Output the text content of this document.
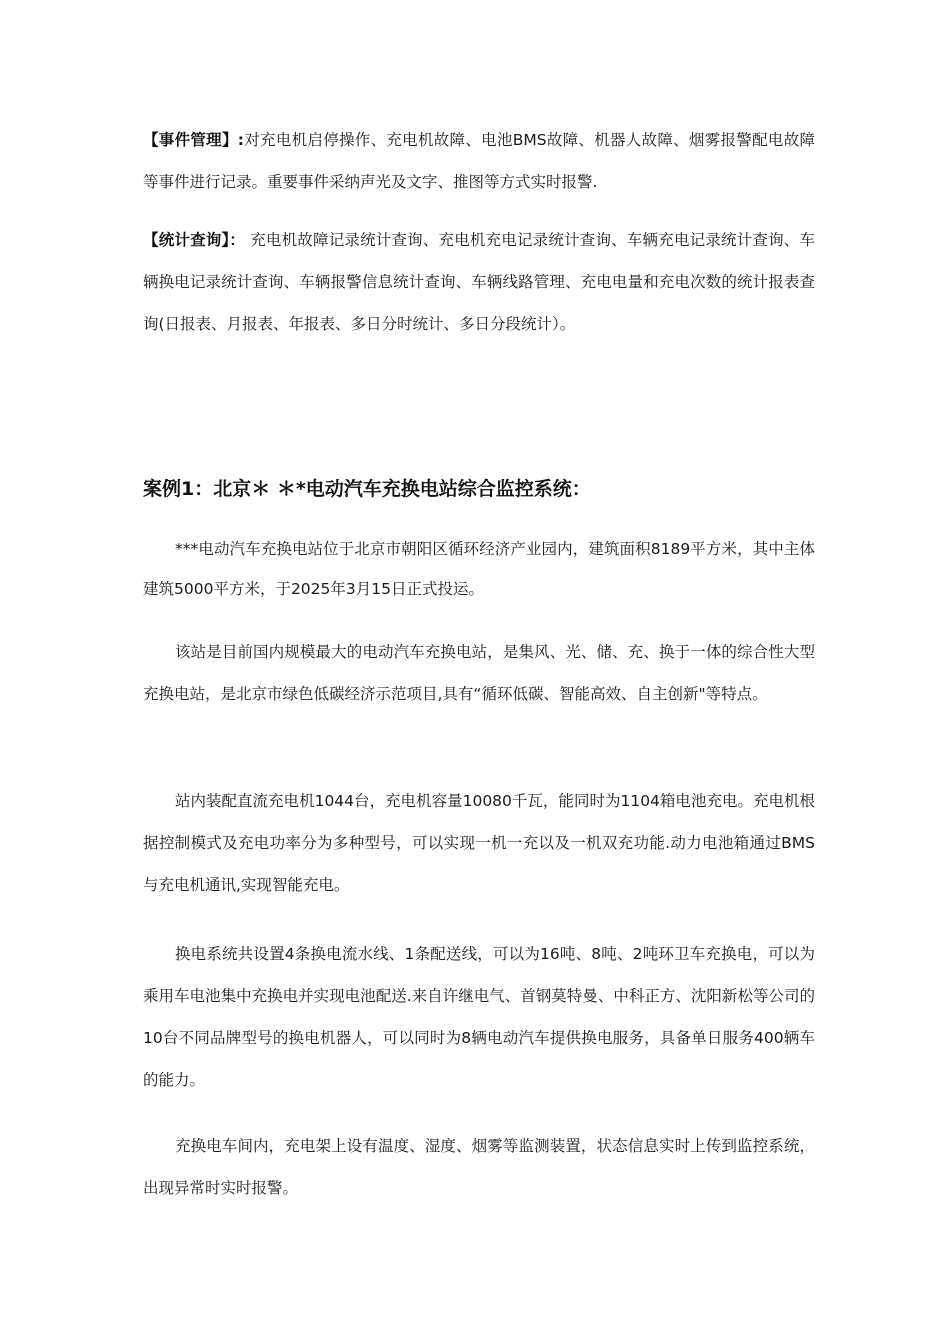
【事件管理】:对充电机启停操作、充电机故障、电池BMS故障、机器人故障、烟雾报警配电故障等事件进行记录。重要事件采纳声光及文字、推图等方式实时报警.

【统计查询】： 充电机故障记录统计查询、充电机充电记录统计查询、车辆充电记录统计查询、车辆换电记录统计查询、车辆报警信息统计查询、车辆线路管理、充电电量和充电次数的统计报表查询(日报表、月报表、年报表、多日分时统计、多日分段统计）。

案例1：北京＊ ＊*电动汽车充换电站综合监控系统：

***电动汽车充换电站位于北京市朝阳区循环经济产业园内，建筑面积8189平方米，其中主体建筑5000平方米，于2025年3月15日正式投运。

该站是目前国内规模最大的电动汽车充换电站，是集风、光、储、充、换于一体的综合性大型充换电站，是北京市绿色低碳经济示范项目,具有“循环低碳、智能高效、自主创新"等特点。

站内装配直流充电机1044台，充电机容量10080千瓦，能同时为1104箱电池充电。充电机根据控制模式及充电功率分为多种型号，可以实现一机一充以及一机双充功能.动力电池箱通过BMS与充电机通讯,实现智能充电。

换电系统共设置4条换电流水线、1条配送线，可以为16吨、8吨、2吨环卫车充换电，可以为乘用车电池集中充换电并实现电池配送.来自许继电气、首钢莫特曼、中科正方、沈阳新松等公司的10台不同品牌型号的换电机器人，可以同时为8辆电动汽车提供换电服务，具备单日服务400辆车的能力。

充换电车间内，充电架上设有温度、湿度、烟雾等监测装置，状态信息实时上传到监控系统，出现异常时实时报警。
